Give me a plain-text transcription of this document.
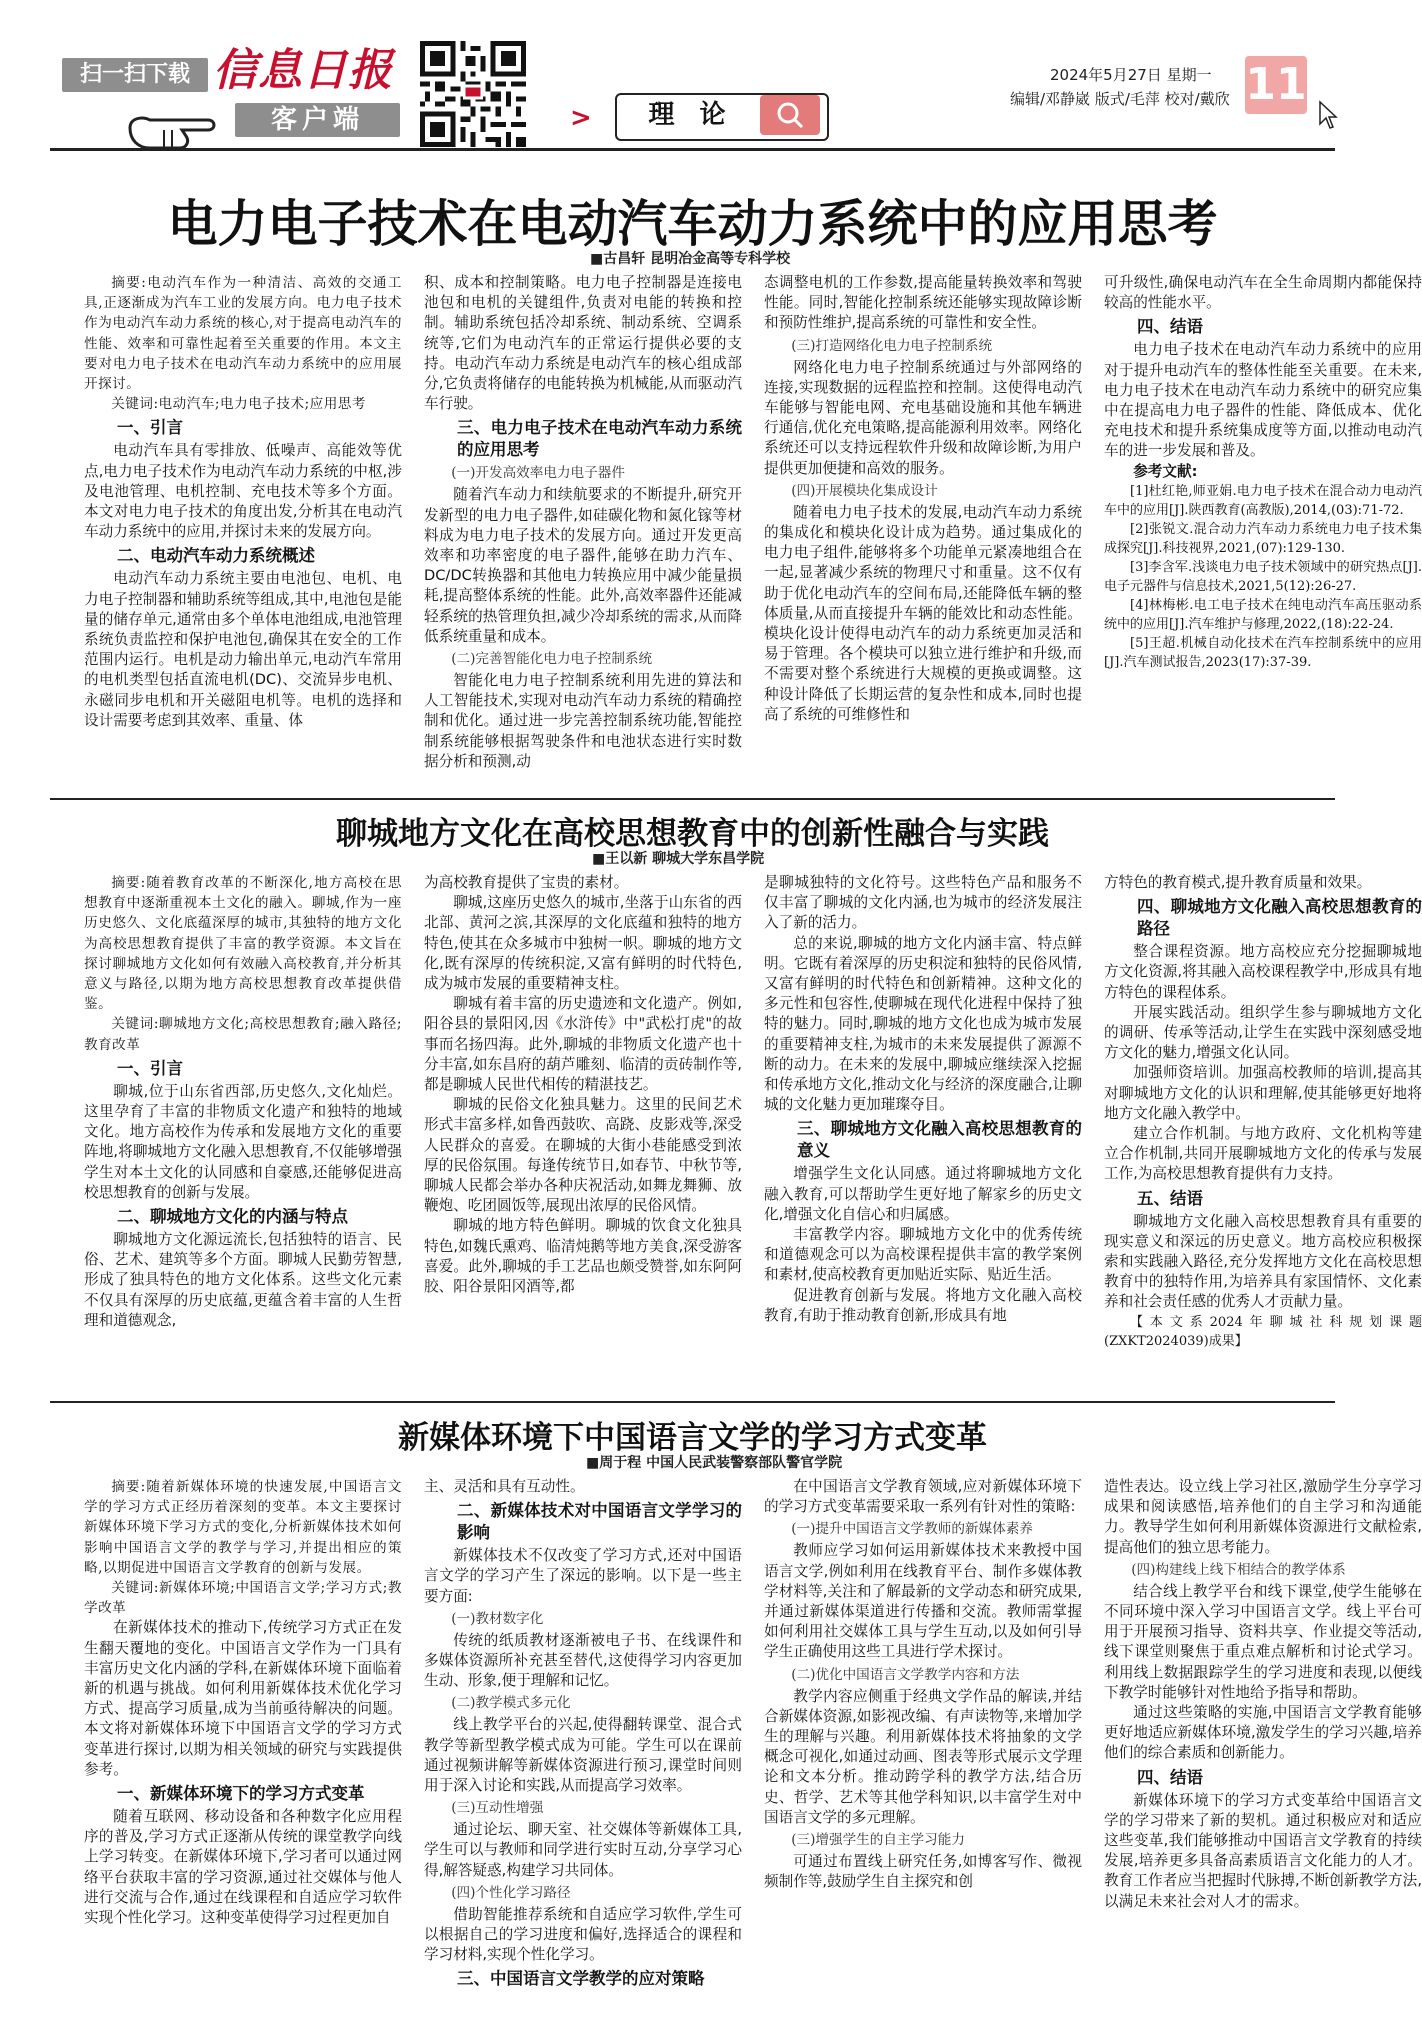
扫一扫下载 信息日报
客户端	>	理 论
2024年5月27日 星期一
编辑/邓静崴 版式/毛萍 校对/戴欣 11
电力电子技术在电动汽车动力系统中的应用思考
■古昌轩 昆明冶金高等专科学校

摘要:电动汽车作为一种清洁、高效的交通工具,正逐渐成为汽车工业的发展方向。电力电子技术作为电动汽车动力系统的核心,对于提高电动汽车的性能、效率和可靠性起着至关重要的作用。本文主要对电力电子技术在电动汽车动力系统中的应用展开探讨。

关键词:电动汽车;电力电子技术;应用思考

一、引言

电动汽车具有零排放、低噪声、高能效等优点,电力电子技术作为电动汽车动力系统的中枢,涉及电池管理、电机控制、充电技术等多个方面。本文对电力电子技术的角度出发,分析其在电动汽车动力系统中的应用,并探讨未来的发展方向。

二、电动汽车动力系统概述

电动汽车动力系统主要由电池包、电机、电力电子控制器和辅助系统等组成,其中,电池包是能量的储存单元,通常由多个单体电池组成,电池管理系统负责监控和保护电池包,确保其在安全的工作范围内运行。电机是动力输出单元,电动汽车常用的电机类型包括直流电机(DC)、交流异步电机、永磁同步电机和开关磁阻电机等。电机的选择和设计需要考虑到其效率、重量、体

积、成本和控制策略。电力电子控制器是连接电池包和电机的关键组件,负责对电能的转换和控制。辅助系统包括冷却系统、制动系统、空调系统等,它们为电动汽车的正常运行提供必要的支持。电动汽车动力系统是电动汽车的核心组成部分,它负责将储存的电能转换为机械能,从而驱动汽车行驶。

三、电力电子技术在电动汽车动力系统的应用思考
(一)开发高效率电力电子器件

随着汽车动力和续航要求的不断提升,研究开发新型的电力电子器件,如硅碳化物和氮化镓等材料成为电力电子技术的发展方向。通过开发更高效率和功率密度的电子器件,能够在助力汽车、DC/DC转换器和其他电力转换应用中减少能量损耗,提高整体系统的性能。此外,高效率器件还能减轻系统的热管理负担,减少冷却系统的需求,从而降低系统重量和成本。

(二)完善智能化电力电子控制系统

智能化电力电子控制系统利用先进的算法和人工智能技术,实现对电动汽车动力系统的精确控制和优化。通过进一步完善控制系统功能,智能控制系统能够根据驾驶条件和电池状态进行实时数据分析和预测,动

态调整电机的工作参数,提高能量转换效率和驾驶性能。同时,智能化控制系统还能够实现故障诊断和预防性维护,提高系统的可靠性和安全性。

(三)打造网络化电力电子控制系统

网络化电力电子控制系统通过与外部网络的连接,实现数据的远程监控和控制。这使得电动汽车能够与智能电网、充电基础设施和其他车辆进行通信,优化充电策略,提高能源利用效率。网络化系统还可以支持远程软件升级和故障诊断,为用户提供更加便捷和高效的服务。

(四)开展模块化集成设计

随着电力电子技术的发展,电动汽车动力系统的集成化和模块化设计成为趋势。通过集成化的电力电子组件,能够将多个功能单元紧凑地组合在一起,显著减少系统的物理尺寸和重量。这不仅有助于优化电动汽车的空间布局,还能降低车辆的整体质量,从而直接提升车辆的能效比和动态性能。模块化设计使得电动汽车的动力系统更加灵活和易于管理。各个模块可以独立进行维护和升级,而不需要对整个系统进行大规模的更换或调整。这种设计降低了长期运营的复杂性和成本,同时也提高了系统的可维修性和

可升级性,确保电动汽车在全生命周期内都能保持较高的性能水平。

四、结语

电力电子技术在电动汽车动力系统中的应用对于提升电动汽车的整体性能至关重要。在未来,电力电子技术在电动汽车动力系统中的研究应集中在提高电力电子器件的性能、降低成本、优化充电技术和提升系统集成度等方面,以推动电动汽车的进一步发展和普及。

参考文献:

[1]杜红艳,师亚娟.电力电子技术在混合动力电动汽车中的应用[J].陕西教育(高教版),2014,(03):71-72.

[2]张锐文.混合动力汽车动力系统电力电子技术集成探究[J].科技视界,2021,(07):129-130.

[3]李含军.浅谈电力电子技术领域中的研究热点[J].电子元器件与信息技术,2021,5(12):26-27.

[4]林梅彬.电工电子技术在纯电动汽车高压驱动系统中的应用[J].汽车维护与修理,2022,(18):22-24.

[5]王超.机械自动化技术在汽车控制系统中的应用[J].汽车测试报告,2023(17):37-39.

聊城地方文化在高校思想教育中的创新性融合与实践
■王以新 聊城大学东昌学院

摘要:随着教育改革的不断深化,地方高校在思想教育中逐渐重视本土文化的融入。聊城,作为一座历史悠久、文化底蕴深厚的城市,其独特的地方文化为高校思想教育提供了丰富的教学资源。本文旨在探讨聊城地方文化如何有效融入高校教育,并分析其意义与路径,以期为地方高校思想教育改革提供借鉴。

关键词:聊城地方文化;高校思想教育;融入路径;教育改革

一、引言

聊城,位于山东省西部,历史悠久,文化灿烂。这里孕育了丰富的非物质文化遗产和独特的地域文化。地方高校作为传承和发展地方文化的重要阵地,将聊城地方文化融入思想教育,不仅能够增强学生对本土文化的认同感和自豪感,还能够促进高校思想教育的创新与发展。

二、聊城地方文化的内涵与特点

聊城地方文化源远流长,包括独特的语言、民俗、艺术、建筑等多个方面。聊城人民勤劳智慧,形成了独具特色的地方文化体系。这些文化元素不仅具有深厚的历史底蕴,更蕴含着丰富的人生哲理和道德观念,

为高校教育提供了宝贵的素材。

聊城,这座历史悠久的城市,坐落于山东省的西北部、黄河之滨,其深厚的文化底蕴和独特的地方特色,使其在众多城市中独树一帜。聊城的地方文化,既有深厚的传统积淀,又富有鲜明的时代特色,成为城市发展的重要精神支柱。

聊城有着丰富的历史遗迹和文化遗产。例如,阳谷县的景阳冈,因《水浒传》中"武松打虎"的故事而名扬四海。此外,聊城的非物质文化遗产也十分丰富,如东昌府的葫芦雕刻、临清的贡砖制作等,都是聊城人民世代相传的精湛技艺。

聊城的民俗文化独具魅力。这里的民间艺术形式丰富多样,如鲁西鼓吹、高跷、皮影戏等,深受人民群众的喜爱。在聊城的大街小巷能感受到浓厚的民俗氛围。每逢传统节日,如春节、中秋节等,聊城人民都会举办各种庆祝活动,如舞龙舞狮、放鞭炮、吃团圆饭等,展现出浓厚的民俗风情。

聊城的地方特色鲜明。聊城的饮食文化独具特色,如魏氏熏鸡、临清炖鹅等地方美食,深受游客喜爱。此外,聊城的手工艺品也颇受赞誉,如东阿阿胶、阳谷景阳冈酒等,都

是聊城独特的文化符号。这些特色产品和服务不仅丰富了聊城的文化内涵,也为城市的经济发展注入了新的活力。

总的来说,聊城的地方文化内涵丰富、特点鲜明。它既有着深厚的历史积淀和独特的民俗风情,又富有鲜明的时代特色和创新精神。这种文化的多元性和包容性,使聊城在现代化进程中保持了独特的魅力。同时,聊城的地方文化也成为城市发展的重要精神支柱,为城市的未来发展提供了源源不断的动力。在未来的发展中,聊城应继续深入挖掘和传承地方文化,推动文化与经济的深度融合,让聊城的文化魅力更加璀璨夺目。

三、聊城地方文化融入高校思想教育的意义

增强学生文化认同感。通过将聊城地方文化融入教育,可以帮助学生更好地了解家乡的历史文化,增强文化自信心和归属感。

丰富教学内容。聊城地方文化中的优秀传统和道德观念可以为高校课程提供丰富的教学案例和素材,使高校教育更加贴近实际、贴近生活。

促进教育创新与发展。将地方文化融入高校教育,有助于推动教育创新,形成具有地

方特色的教育模式,提升教育质量和效果。

四、聊城地方文化融入高校思想教育的路径

整合课程资源。地方高校应充分挖掘聊城地方文化资源,将其融入高校课程教学中,形成具有地方特色的课程体系。

开展实践活动。组织学生参与聊城地方文化的调研、传承等活动,让学生在实践中深刻感受地方文化的魅力,增强文化认同。

加强师资培训。加强高校教师的培训,提高其对聊城地方文化的认识和理解,使其能够更好地将地方文化融入教学中。

建立合作机制。与地方政府、文化机构等建立合作机制,共同开展聊城地方文化的传承与发展工作,为高校思想教育提供有力支持。

五、结语

聊城地方文化融入高校思想教育具有重要的现实意义和深远的历史意义。地方高校应积极探索和实践融入路径,充分发挥地方文化在高校思想教育中的独特作用,为培养具有家国情怀、文化素养和社会责任感的优秀人才贡献力量。

【本文系2024年聊城社科规划课题(ZXKT2024039)成果】

新媒体环境下中国语言文学的学习方式变革
■周于程 中国人民武装警察部队警官学院

摘要:随着新媒体环境的快速发展,中国语言文学的学习方式正经历着深刻的变革。本文主要探讨新媒体环境下学习方式的变化,分析新媒体技术如何影响中国语言文学的教学与学习,并提出相应的策略,以期促进中国语言文学教育的创新与发展。

关键词:新媒体环境;中国语言文学;学习方式;教学改革

在新媒体技术的推动下,传统学习方式正在发生翻天覆地的变化。中国语言文学作为一门具有丰富历史文化内涵的学科,在新媒体环境下面临着新的机遇与挑战。如何利用新媒体技术优化学习方式、提高学习质量,成为当前亟待解决的问题。本文将对新媒体环境下中国语言文学的学习方式变革进行探讨,以期为相关领域的研究与实践提供参考。

一、新媒体环境下的学习方式变革

随着互联网、移动设备和各种数字化应用程序的普及,学习方式正逐渐从传统的课堂教学向线上学习转变。在新媒体环境下,学习者可以通过网络平台获取丰富的学习资源,通过社交媒体与他人进行交流与合作,通过在线课程和自适应学习软件实现个性化学习。这种变革使得学习过程更加自

主、灵活和具有互动性。

二、新媒体技术对中国语言文学学习的影响

新媒体技术不仅改变了学习方式,还对中国语言文学的学习产生了深远的影响。以下是一些主要方面:

(一)教材数字化

传统的纸质教材逐渐被电子书、在线课件和多媒体资源所补充甚至替代,这使得学习内容更加生动、形象,便于理解和记忆。

(二)教学模式多元化

线上教学平台的兴起,使得翻转课堂、混合式教学等新型教学模式成为可能。学生可以在课前通过视频讲解等新媒体资源进行预习,课堂时间则用于深入讨论和实践,从而提高学习效率。

(三)互动性增强

通过论坛、聊天室、社交媒体等新媒体工具,学生可以与教师和同学进行实时互动,分享学习心得,解答疑惑,构建学习共同体。

(四)个性化学习路径

借助智能推荐系统和自适应学习软件,学生可以根据自己的学习进度和偏好,选择适合的课程和学习材料,实现个性化学习。

三、中国语言文学教学的应对策略

在中国语言文学教育领域,应对新媒体环境下的学习方式变革需要采取一系列有针对性的策略:

(一)提升中国语言文学教师的新媒体素养

教师应学习如何运用新媒体技术来教授中国语言文学,例如利用在线教育平台、制作多媒体教学材料等,关注和了解最新的文学动态和研究成果,并通过新媒体渠道进行传播和交流。教师需掌握如何利用社交媒体工具与学生互动,以及如何引导学生正确使用这些工具进行学术探讨。

(二)优化中国语言文学教学内容和方法

教学内容应侧重于经典文学作品的解读,并结合新媒体资源,如影视改编、有声读物等,来增加学生的理解与兴趣。利用新媒体技术将抽象的文学概念可视化,如通过动画、图表等形式展示文学理论和文本分析。推动跨学科的教学方法,结合历史、哲学、艺术等其他学科知识,以丰富学生对中国语言文学的多元理解。

(三)增强学生的自主学习能力

可通过布置线上研究任务,如博客写作、微视频制作等,鼓励学生自主探究和创

造性表达。设立线上学习社区,激励学生分享学习成果和阅读感悟,培养他们的自主学习和沟通能力。教导学生如何利用新媒体资源进行文献检索,提高他们的独立思考能力。

(四)构建线上线下相结合的教学体系

结合线上教学平台和线下课堂,使学生能够在不同环境中深入学习中国语言文学。线上平台可用于开展预习指导、资料共享、作业提交等活动,线下课堂则聚焦于重点难点解析和讨论式学习。利用线上数据跟踪学生的学习进度和表现,以便线下教学时能够针对性地给予指导和帮助。

通过这些策略的实施,中国语言文学教育能够更好地适应新媒体环境,激发学生的学习兴趣,培养他们的综合素质和创新能力。

四、结语

新媒体环境下的学习方式变革给中国语言文学的学习带来了新的契机。通过积极应对和适应这些变革,我们能够推动中国语言文学教育的持续发展,培养更多具备高素质语言文化能力的人才。教育工作者应当把握时代脉搏,不断创新教学方法,以满足未来社会对人才的需求。
